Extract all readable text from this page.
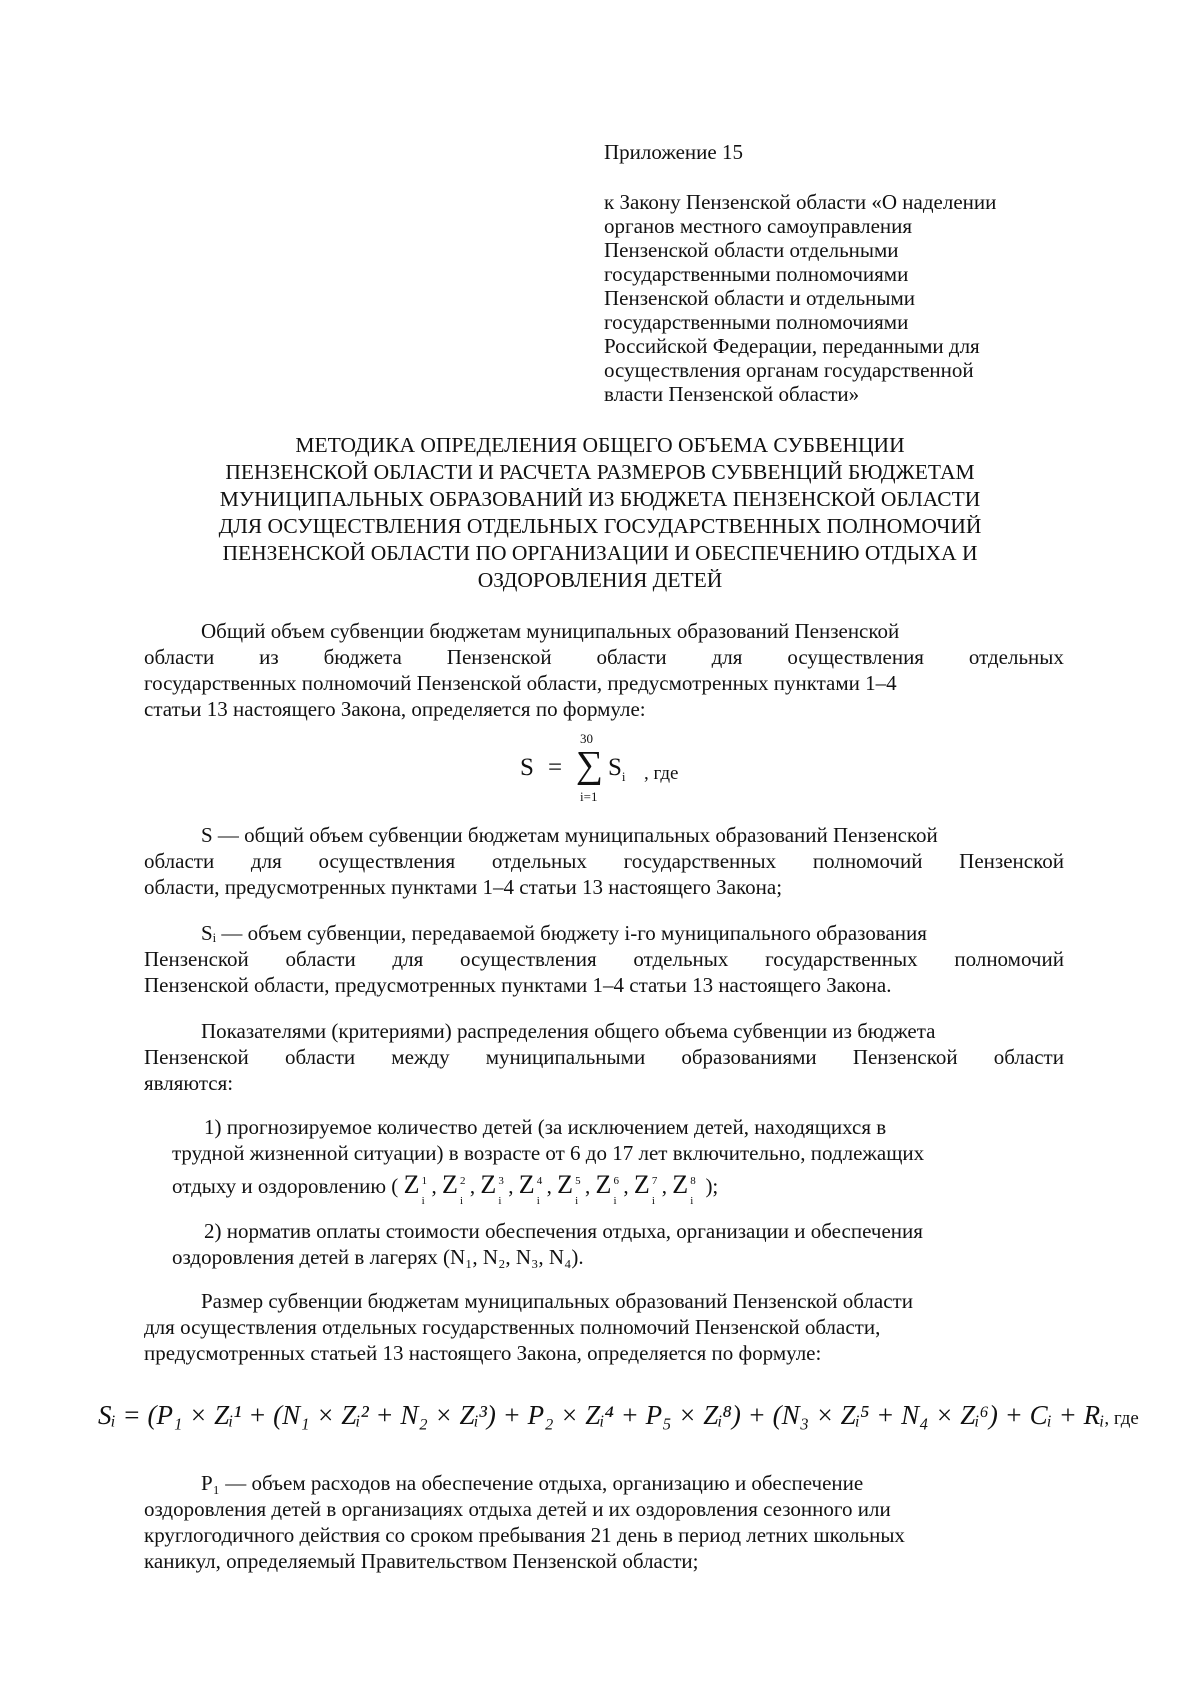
Приложение 15
к Закону Пензенской области «О наделении
органов местного самоуправления
Пензенской области отдельными
государственными полномочиями
Пензенской области и отдельными
государственными полномочиями
Российской Федерации, переданными для
осуществления органам государственной
власти Пензенской области»
МЕТОДИКА ОПРЕДЕЛЕНИЯ ОБЩЕГО ОБЪЕМА СУБВЕНЦИИ
ПЕНЗЕНСКОЙ ОБЛАСТИ И РАСЧЕТА РАЗМЕРОВ СУБВЕНЦИЙ БЮДЖЕТАМ
МУНИЦИПАЛЬНЫХ ОБРАЗОВАНИЙ ИЗ БЮДЖЕТА ПЕНЗЕНСКОЙ ОБЛАСТИ
ДЛЯ ОСУЩЕСТВЛЕНИЯ ОТДЕЛЬНЫХ ГОСУДАРСТВЕННЫХ ПОЛНОМОЧИЙ
ПЕНЗЕНСКОЙ ОБЛАСТИ ПО ОРГАНИЗАЦИИ И ОБЕСПЕЧЕНИЮ ОТДЫХА И
ОЗДОРОВЛЕНИЯ ДЕТЕЙ
Общий объем субвенции бюджетам муниципальных образований Пензенской
области из бюджета Пензенской области для осуществления отдельных
государственных полномочий Пензенской области, предусмотренных пунктами 1–4
статьи 13 настоящего Закона, определяется по формуле:
S =
30
∑
i=1
$S_i$ , где
S — общий объем субвенции бюджетам муниципальных образований Пензенской
области для осуществления отдельных государственных полномочий Пензенской
области, предусмотренных пунктами 1–4 статьи 13 настоящего Закона;
Sᵢ — объем субвенции, передаваемой бюджету i-го муниципального образования
Пензенской области для осуществления отдельных государственных полномочий
Пензенской области, предусмотренных пунктами 1–4 статьи 13 настоящего Закона.
Показателями (критериями) распределения общего объема субвенции из бюджета
Пензенской области между муниципальными образованиями Пензенской области
являются:
1) прогнозируемое количество детей (за исключением детей, находящихся в
трудной жизненной ситуации) в возрасте от 6 до 17 лет включительно, подлежащих
отдыху и оздоровлению ( Z 1
i
, Z 2
i
, Z 3
i
, Z 4
i
, Z 5
i
, Z 6
i
, Z 7
i
, Z 8
i
);
2) норматив оплаты стоимости обеспечения отдыха, организации и обеспечения
оздоровления детей в лагерях (N₁, N₂, N₃, N₄).
Размер субвенции бюджетам муниципальных образований Пензенской области
для осуществления отдельных государственных полномочий Пензенской области,
предусмотренных статьей 13 настоящего Закона, определяется по формуле:
Sᵢ = (P₁ × Zᵢ¹ + (N₁ × Zᵢ² + N₂ × Zᵢ³) + P₂ × Zᵢ⁴ + P₅ × Zᵢ⁸) + (N₃ × Zᵢ⁵ + N₄ × Zᵢ⁶) + Cᵢ + Rᵢ, где
P₁ — объем расходов на обеспечение отдыха, организацию и обеспечение
оздоровления детей в организациях отдыха детей и их оздоровления сезонного или
круглогодичного действия со сроком пребывания 21 день в период летних школьных
каникул, определяемый Правительством Пензенской области;
